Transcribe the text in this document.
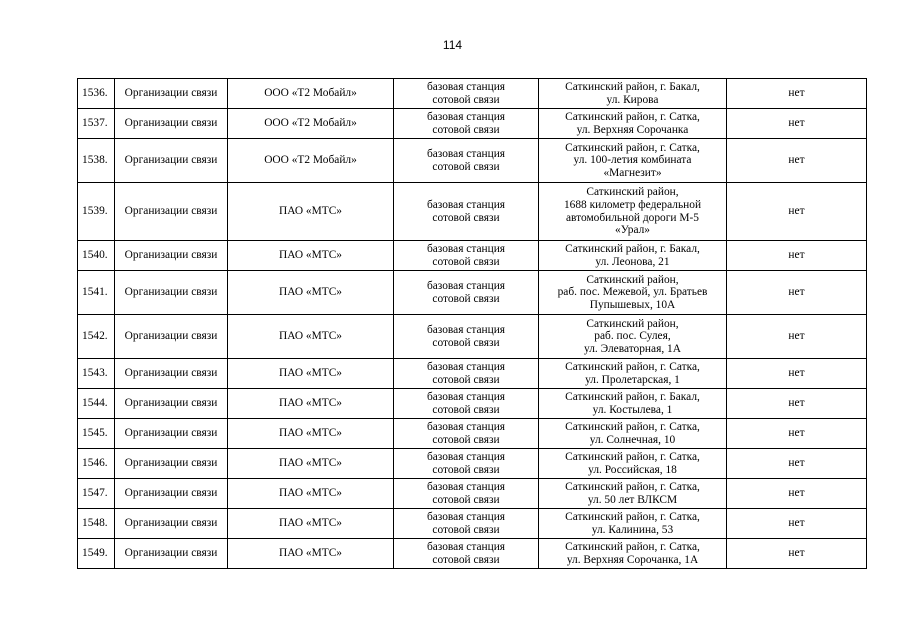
114
1536.	Организации связи	ООО «Т2 Мобайл»	базовая станция
сотовой связи	Саткинский район, г. Бакал,
ул. Кирова	нет
1537.	Организации связи	ООО «Т2 Мобайл»	базовая станция
сотовой связи	Саткинский район, г. Сатка,
ул. Верхняя Сорочанка	нет
1538.	Организации связи	ООО «Т2 Мобайл»	базовая станция
сотовой связи	Саткинский район, г. Сатка,
ул. 100-летия комбината
«Магнезит»	нет
1539.	Организации связи	ПАО «МТС»	базовая станция
сотовой связи	Саткинский район,
1688 километр федеральной
автомобильной дороги М-5
«Урал»	нет
1540.	Организации связи	ПАО «МТС»	базовая станция
сотовой связи	Саткинский район, г. Бакал,
ул. Леонова, 21	нет
1541.	Организации связи	ПАО «МТС»	базовая станция
сотовой связи	Саткинский район,
раб. пос. Межевой, ул. Братьев
Пупышевых, 10А	нет
1542.	Организации связи	ПАО «МТС»	базовая станция
сотовой связи	Саткинский район,
раб. пос. Сулея,
ул. Элеваторная, 1А	нет
1543.	Организации связи	ПАО «МТС»	базовая станция
сотовой связи	Саткинский район, г. Сатка,
ул. Пролетарская, 1	нет
1544.	Организации связи	ПАО «МТС»	базовая станция
сотовой связи	Саткинский район, г. Бакал,
ул. Костылева, 1	нет
1545.	Организации связи	ПАО «МТС»	базовая станция
сотовой связи	Саткинский район, г. Сатка,
ул. Солнечная, 10	нет
1546.	Организации связи	ПАО «МТС»	базовая станция
сотовой связи	Саткинский район, г. Сатка,
ул. Российская, 18	нет
1547.	Организации связи	ПАО «МТС»	базовая станция
сотовой связи	Саткинский район, г. Сатка,
ул. 50 лет ВЛКСМ	нет
1548.	Организации связи	ПАО «МТС»	базовая станция
сотовой связи	Саткинский район, г. Сатка,
ул. Калинина, 53	нет
1549.	Организации связи	ПАО «МТС»	базовая станция
сотовой связи	Саткинский район, г. Сатка,
ул. Верхняя Сорочанка, 1А	нет
